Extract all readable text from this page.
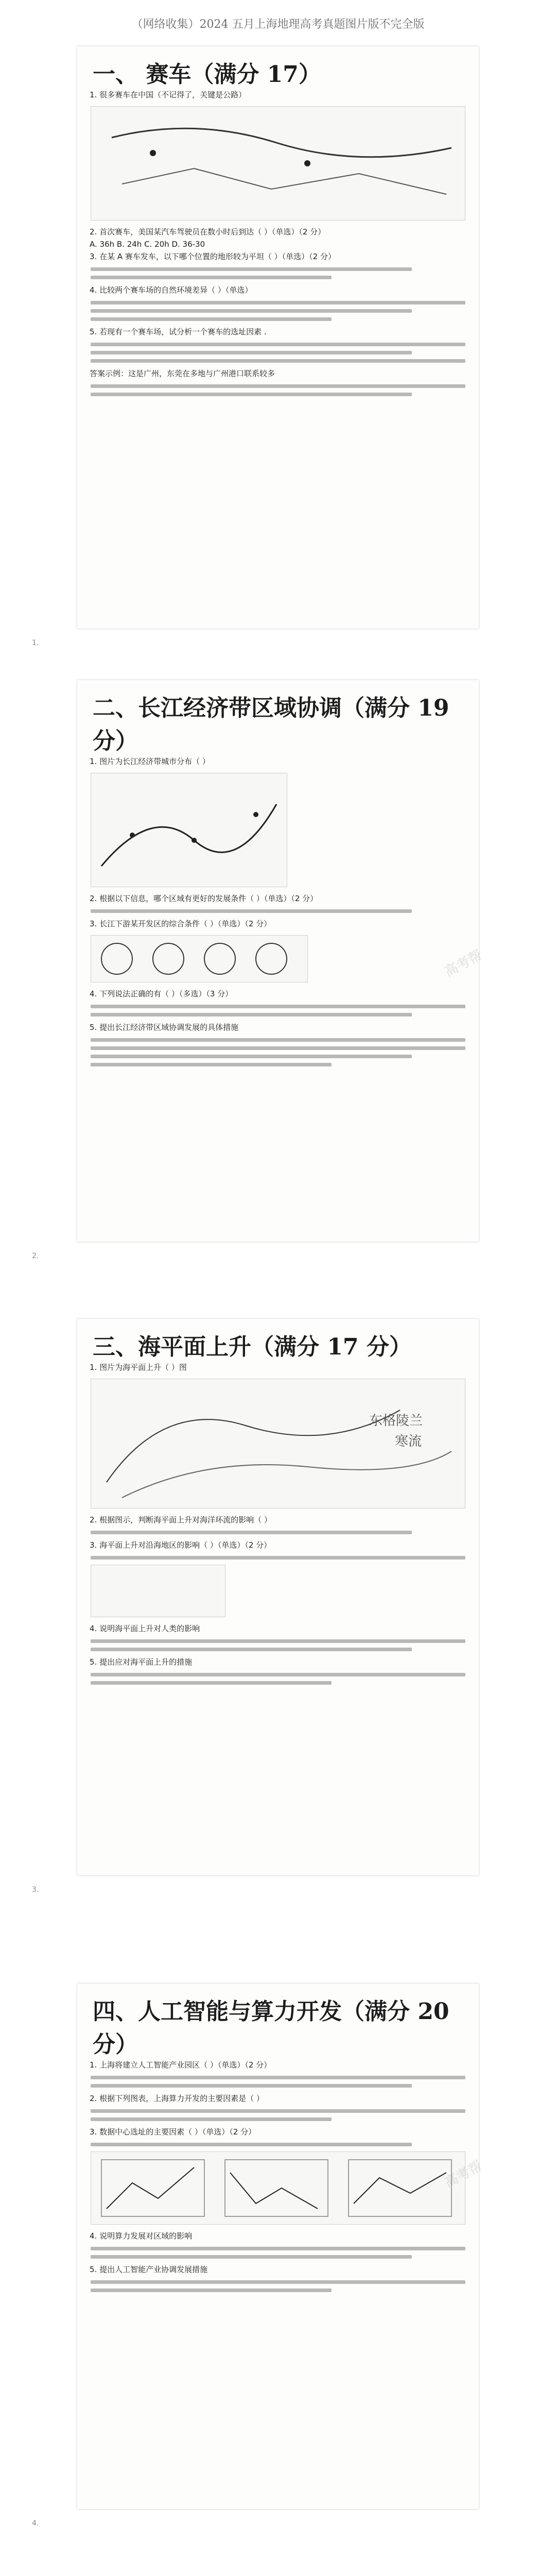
（网络收集）2024 五月上海地理高考真题图片版不完全版
一、 赛车（满分 17）

1. 很多赛车在中国（不记得了，关键是公路）

2. 首次赛车，美国某汽车驾驶员在数小时后到达（ ）（单选）（2 分）

A. 36h B. 24h C. 20h D. 36-30

3. 在某 A 赛车发车，以下哪个位置的地形较为平坦（ ）（单选）（2 分）

4. 比较两个赛车场的自然环境差异（ ）（单选）

5. 若现有一个赛车场，试分析一个赛车的选址因素 .

答案示例：这是广州，东莞在多地与广州港口联系较多

1.
二、长江经济带区域协调（满分 19 分）

1. 图片为长江经济带城市分布（ ）

2. 根据以下信息，哪个区域有更好的发展条件（ ）（单选）（2 分）

3. 长江下游某开发区的综合条件（ ）（单选）（2 分）

4. 下列说法正确的有（ ）（多选）（3 分）

5. 提出长江经济带区域协调发展的具体措施

2.
三、海平面上升（满分 17 分）

1. 图片为海平面上升（ ）图

东格陵兰
寒流

2. 根据图示，判断海平面上升对海洋环流的影响（ ）

3. 海平面上升对沿海地区的影响（ ）（单选）（2 分）

4. 说明海平面上升对人类的影响

5. 提出应对海平面上升的措施

3.
四、人工智能与算力开发（满分 20 分）

1. 上海将建立人工智能产业园区（ ）（单选）（2 分）

2. 根据下列图表，上海算力开发的主要因素是（ ）

3. 数据中心选址的主要因素（ ）（单选）（2 分）

4. 说明算力发展对区域的影响

5. 提出人工智能产业协调发展措施

4.

高考帮
高考帮
